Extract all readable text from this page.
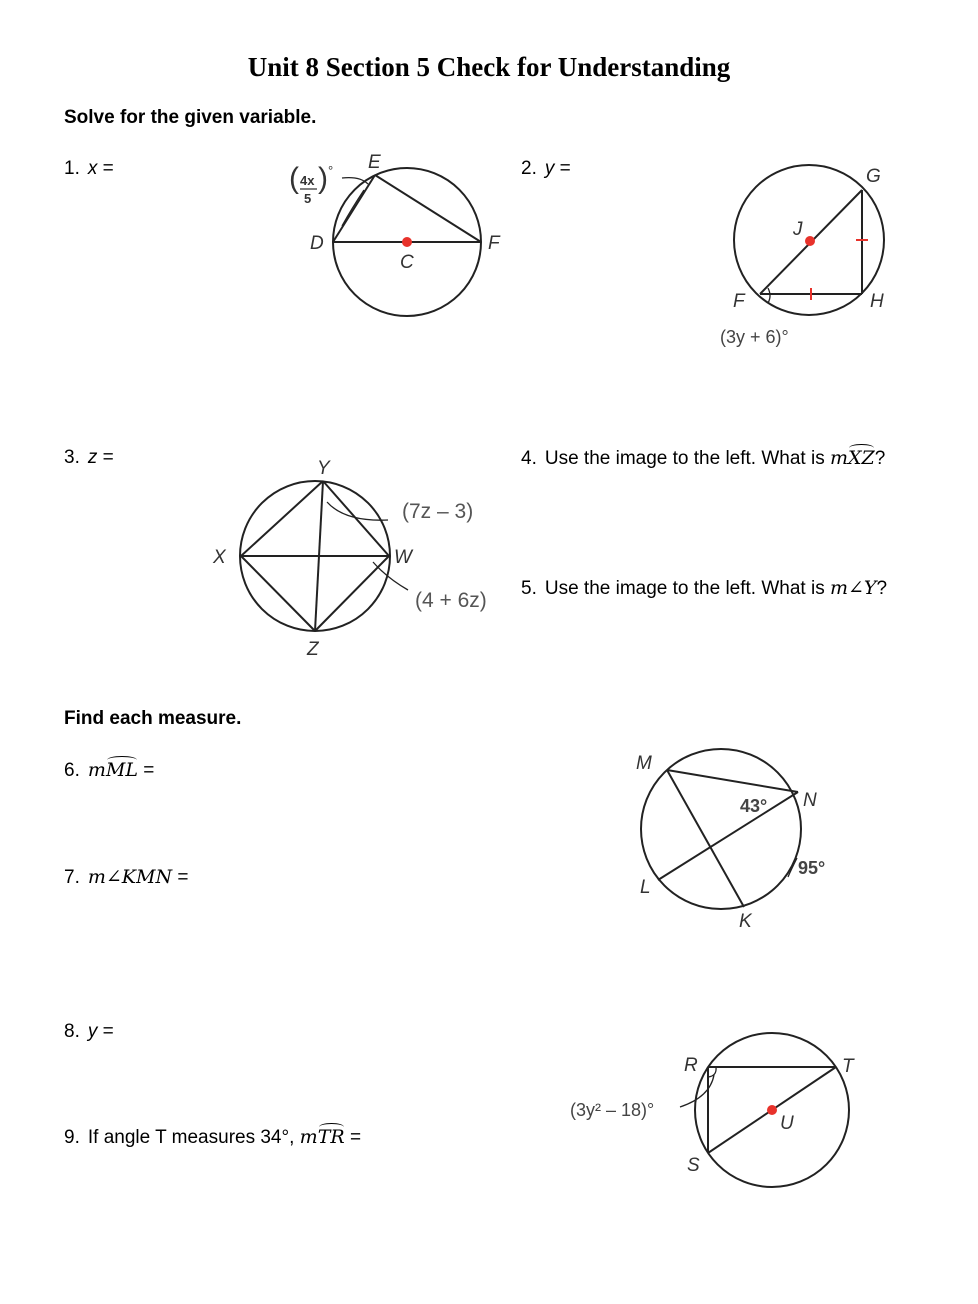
Unit 8 Section 5 Check for Understanding
Solve for the given variable.
1. x =	E
D	F
C
( 4x
5
) °	2. y =	G
J
F	H
(3y + 6)°
3. z =
Y
X	W
Z
(7z – 3)
(4 + 6z)
4. Use the image to the left. What is mXZ?
5. Use the image to the left. What is m∠Y?
Find each measure.
6. mML =
7. m∠KMN =
M
N
L
K
43°
95°
8. y =
9. If angle T measures 34°, mTR =
R	T
S
U
(3y² – 18)°
